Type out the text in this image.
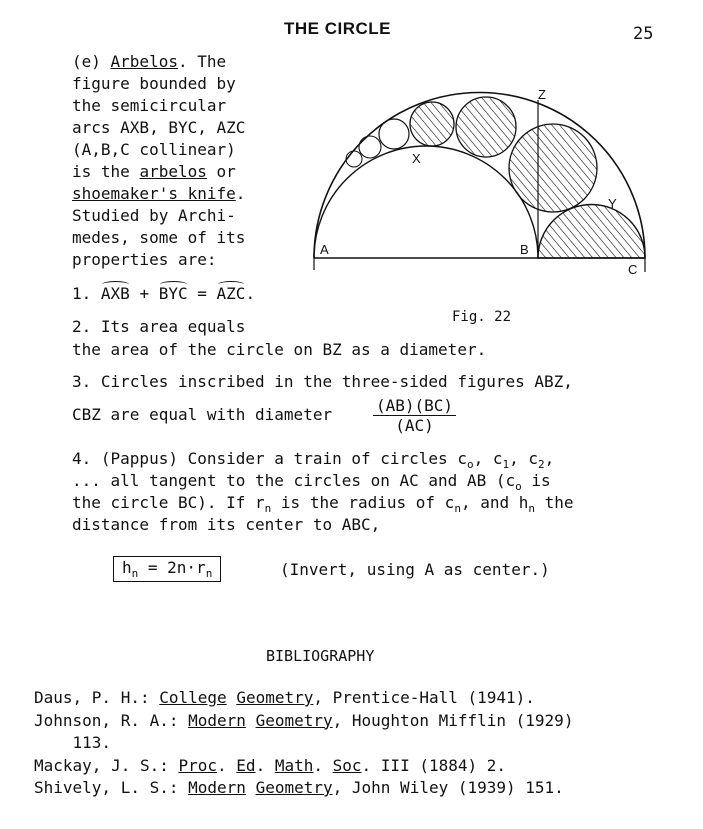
THE CIRCLE	25
(e) Arbelos. The
figure bounded by
the semicircular
arcs AXB, BYC, AZC
(A,B,C collinear)
is the arbelos or
shoemaker's knife.
Studied by Archi-
medes, some of its
properties are:
1. AXB + BYC = AZC.
A	B
C
X
Y
Z
Fig. 22
2. Its area equals
the area of the circle on BZ as a diameter.
3. Circles inscribed in the three-sided figures ABZ,
CBZ are equal with diameter	$\frac{(AB)(BC)}{(AC)}$
4. (Pappus) Consider a train of circles $c_o$, $c_1$, $c_2$,
... all tangent to the circles on AC and AB ($c_o$ is
the circle BC). If $r_n$ is the radius of $c_n$, and $h_n$ the
distance from its center to ABC,
$h_n = 2n\cdot r_n$	(Invert, using A as center.)
BIBLIOGRAPHY
Daus, P. H.: College Geometry, Prentice-Hall (1941).
Johnson, R. A.: Modern Geometry, Houghton Mifflin (1929)
113.
Mackay, J. S.: Proc. Ed. Math. Soc. III (1884) 2.
Shively, L. S.: Modern Geometry, John Wiley (1939) 151.
